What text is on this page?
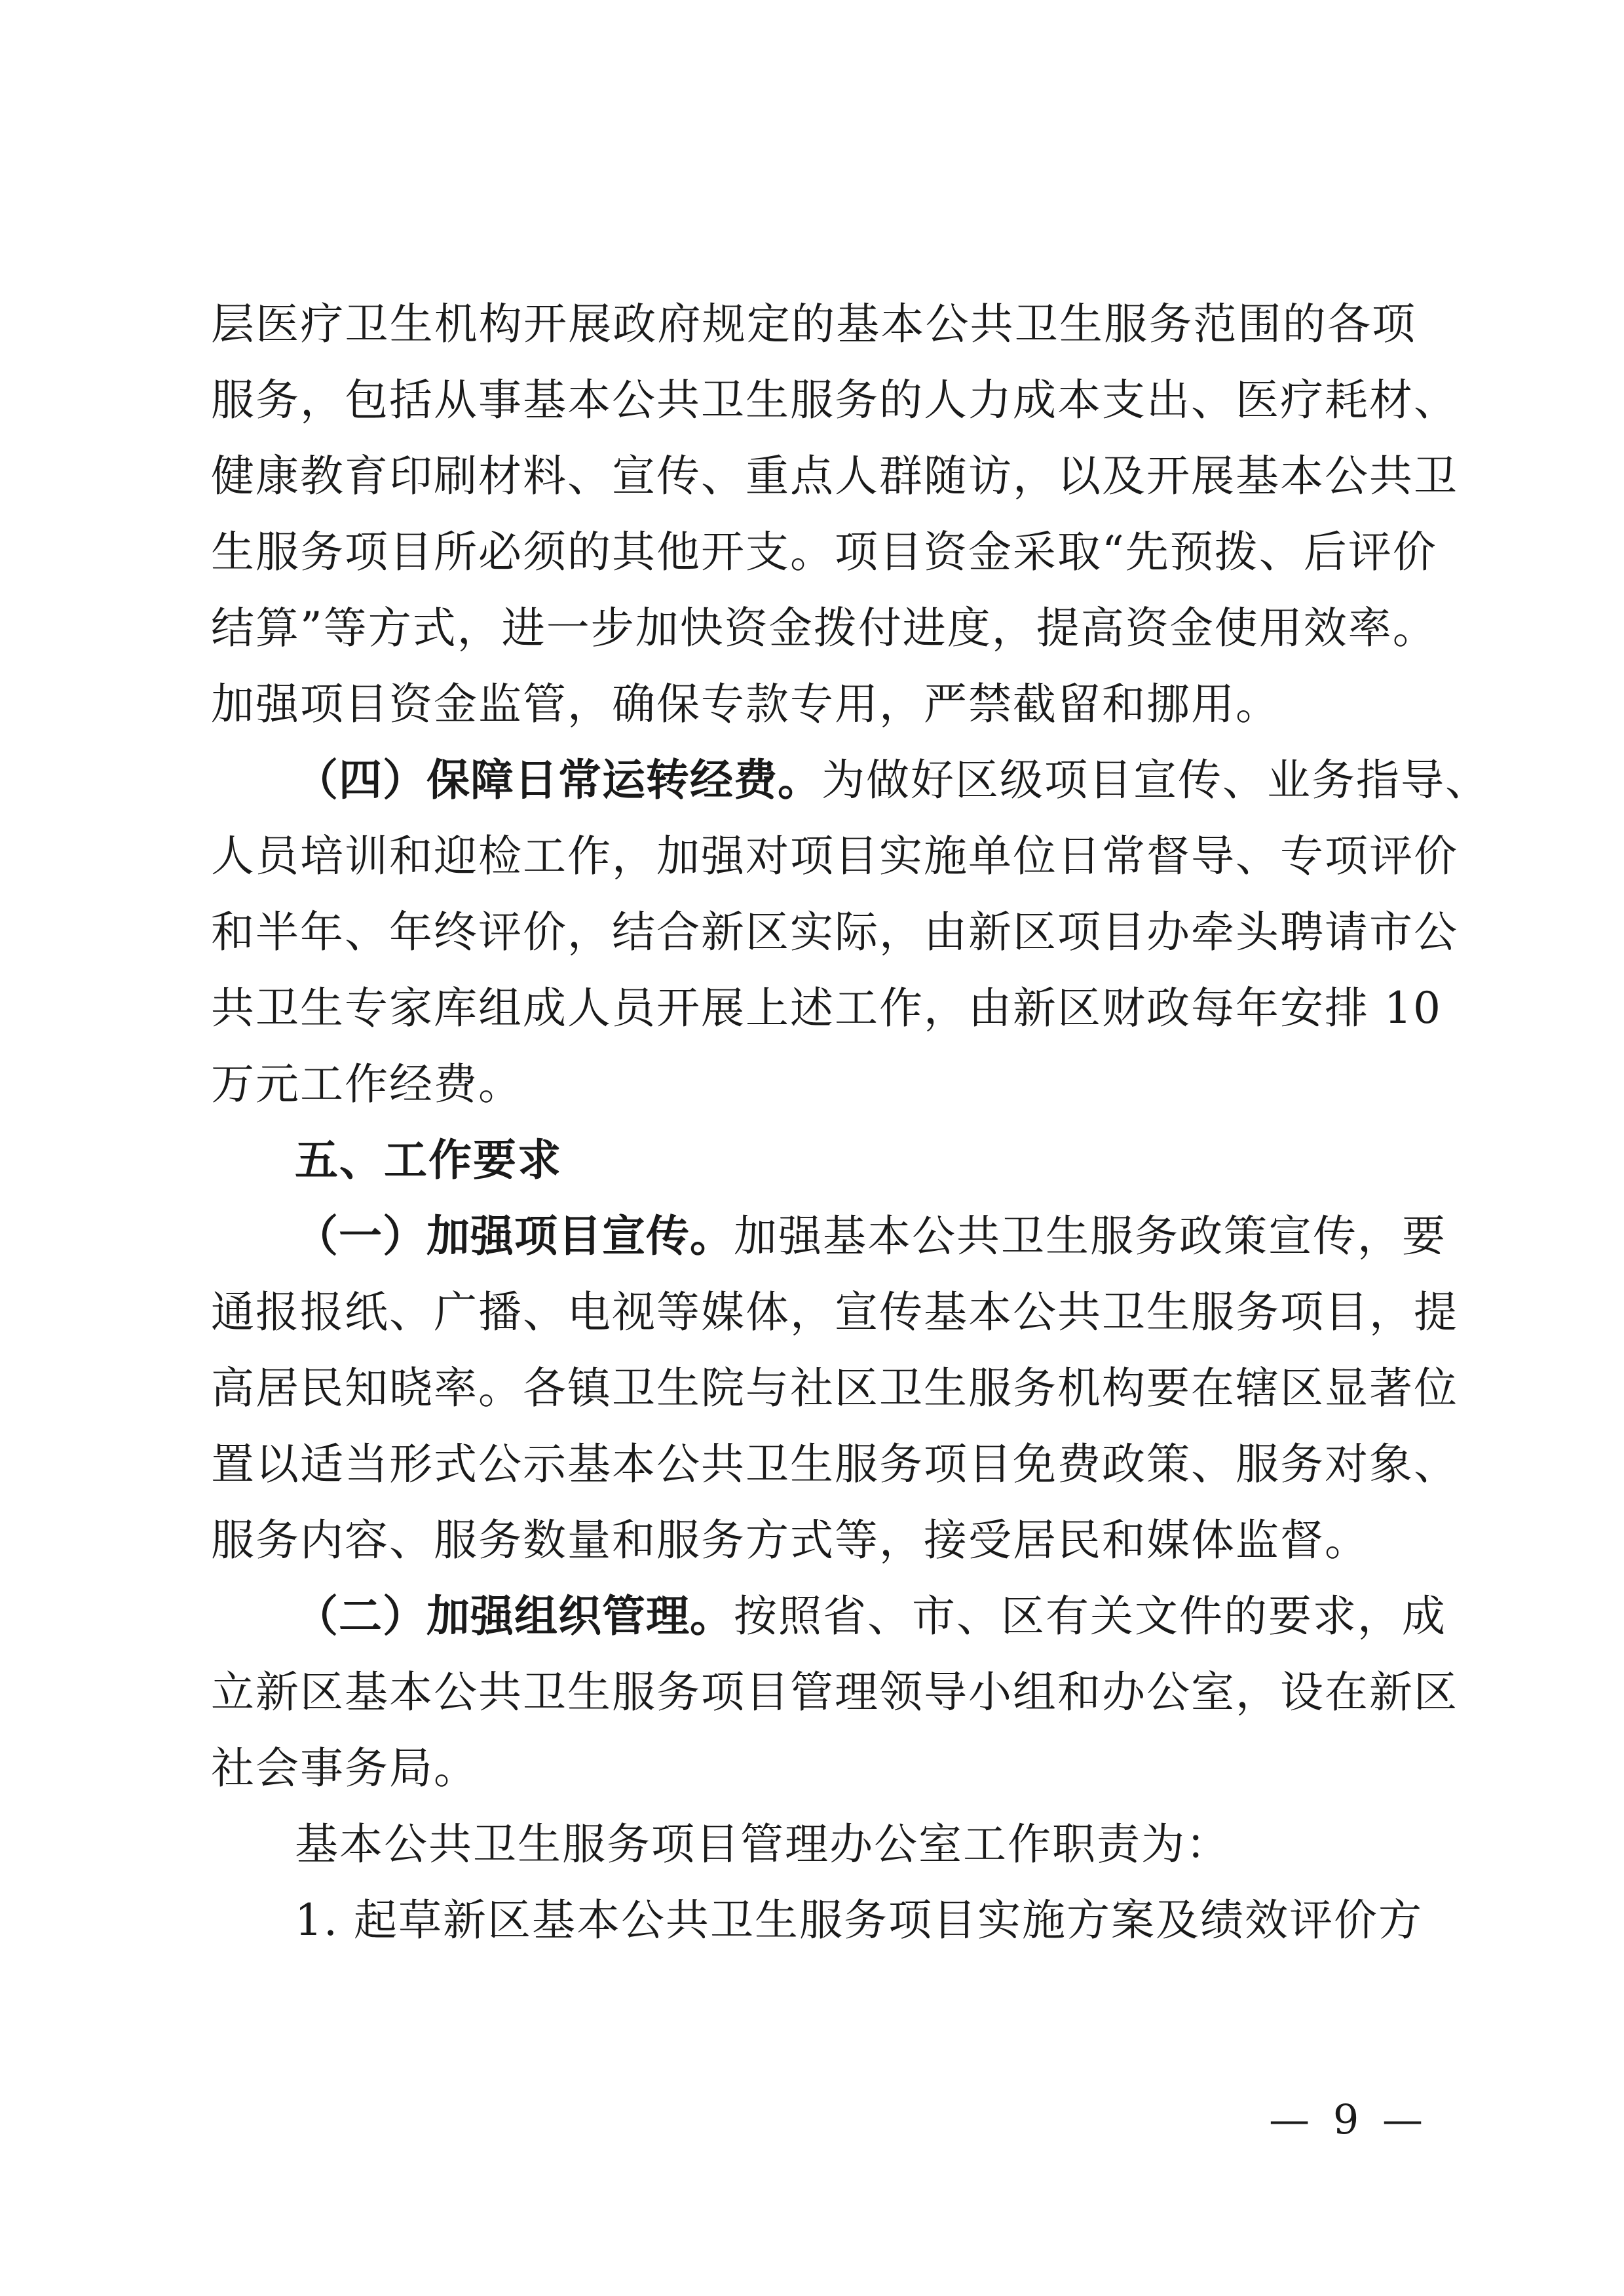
层医疗卫生机构开展政府规定的基本公共卫生服务范围的各项
服务，包括从事基本公共卫生服务的人力成本支出、医疗耗材、
健康教育印刷材料、宣传、重点人群随访，以及开展基本公共卫
生服务项目所必须的其他开支。项目资金采取“先预拨、后评价
结算”等方式，进一步加快资金拨付进度，提高资金使用效率。
加强项目资金监管，确保专款专用，严禁截留和挪用。
（四）保障日常运转经费。为做好区级项目宣传、业务指导、
人员培训和迎检工作，加强对项目实施单位日常督导、专项评价
和半年、年终评价，结合新区实际，由新区项目办牵头聘请市公
共卫生专家库组成人员开展上述工作，由新区财政每年安排 10
万元工作经费。
五、工作要求
（一）加强项目宣传。加强基本公共卫生服务政策宣传，要
通报报纸、广播、电视等媒体，宣传基本公共卫生服务项目，提
高居民知晓率。各镇卫生院与社区卫生服务机构要在辖区显著位
置以适当形式公示基本公共卫生服务项目免费政策、服务对象、
服务内容、服务数量和服务方式等，接受居民和媒体监督。
（二）加强组织管理。按照省、市、区有关文件的要求，成
立新区基本公共卫生服务项目管理领导小组和办公室，设在新区
社会事务局。
基本公共卫生服务项目管理办公室工作职责为：
1. 起草新区基本公共卫生服务项目实施方案及绩效评价方
— 9 —
